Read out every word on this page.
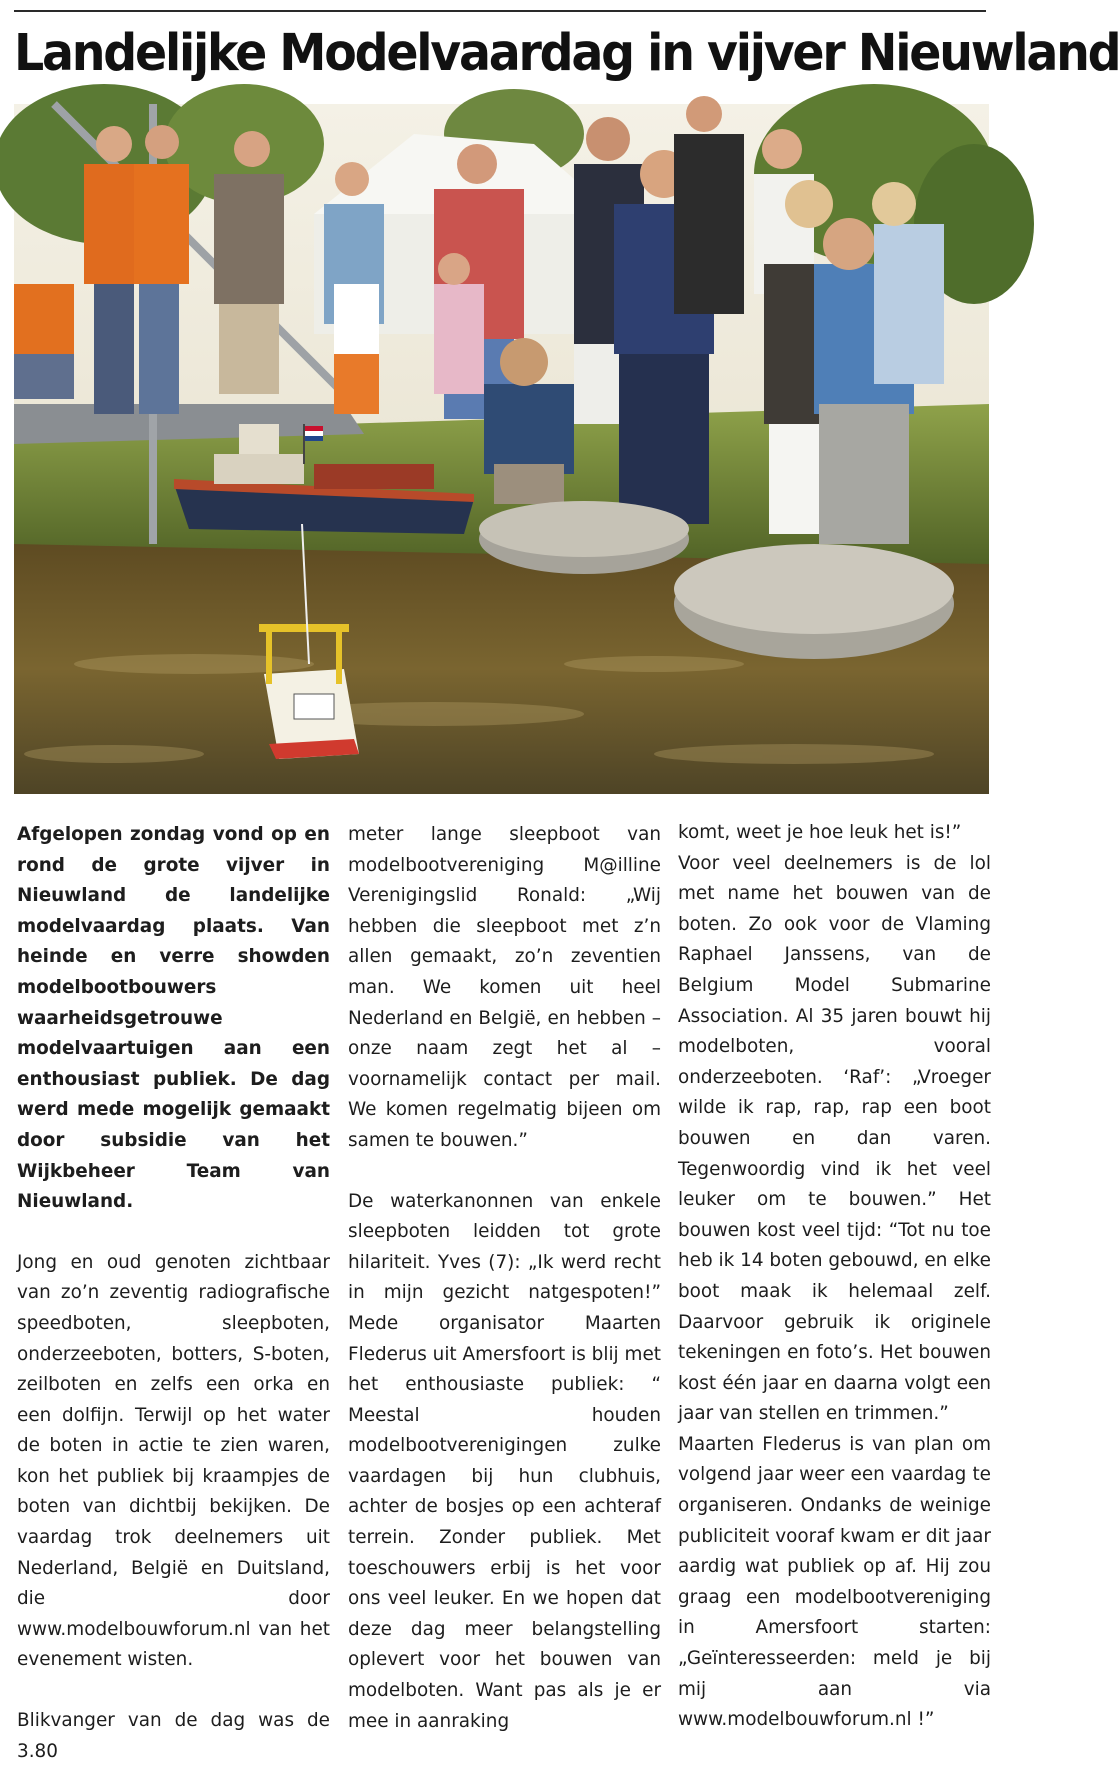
Landelijke Modelvaardag in vijver Nieuwland

Afgelopen zondag vond op en rond de grote vijver in Nieuwland de landelijke modelvaardag plaats. Van heinde en verre showden modelbootbouwers waarheidsgetrouwe modelvaartuigen aan een enthousiast publiek. De dag werd mede mogelijk gemaakt door subsidie van het Wijkbeheer Team van Nieuwland.

Jong en oud genoten zichtbaar van zo’n zeventig radiografische speedboten, sleepboten, onderzeeboten, botters, S-boten, zeilboten en zelfs een orka en een dolfijn. Terwijl op het water de boten in actie te zien waren, kon het publiek bij kraampjes de boten van dichtbij bekijken. De vaardag trok deelnemers uit Nederland, België en Duitsland, die door www.modelbouwforum.nl van het evenement wisten.

Blikvanger van de dag was de 3.80

meter lange sleepboot van modelbootvereniging M@illine Verenigingslid Ronald: „Wij hebben die sleepboot met z’n allen gemaakt, zo’n zeventien man. We komen uit heel Nederland en België, en hebben – onze naam zegt het al – voornamelijk contact per mail. We komen regelmatig bijeen om samen te bouwen.”

De waterkanonnen van enkele sleepboten leidden tot grote hilariteit. Yves (7): „Ik werd recht in mijn gezicht natgespoten!” Mede organisator Maarten Flederus uit Amersfoort is blij met het enthousiaste publiek: “ Meestal houden modelbootverenigingen zulke vaardagen bij hun clubhuis, achter de bosjes op een achteraf terrein. Zonder publiek. Met toeschouwers erbij is het voor ons veel leuker. En we hopen dat deze dag meer belangstelling oplevert voor het bouwen van modelboten. Want pas als je er mee in aanraking

komt, weet je hoe leuk het is!”

Voor veel deelnemers is de lol met name het bouwen van de boten. Zo ook voor de Vlaming Raphael Janssens, van de Belgium Model Submarine Association. Al 35 jaren bouwt hij modelboten, vooral onderzeeboten. ‘Raf’: „Vroeger wilde ik rap, rap, rap een boot bouwen en dan varen. Tegenwoordig vind ik het veel leuker om te bouwen.” Het bouwen kost veel tijd: “Tot nu toe heb ik 14 boten gebouwd, en elke boot maak ik helemaal zelf. Daarvoor gebruik ik originele tekeningen en foto’s. Het bouwen kost één jaar en daarna volgt een jaar van stellen en trimmen.”

Maarten Flederus is van plan om volgend jaar weer een vaardag te organiseren. Ondanks de weinige publiciteit vooraf kwam er dit jaar aardig wat publiek op af. Hij zou graag een modelbootvereniging in Amersfoort starten: „Geïnteresseerden: meld je bij mij aan via www.modelbouwforum.nl !”
